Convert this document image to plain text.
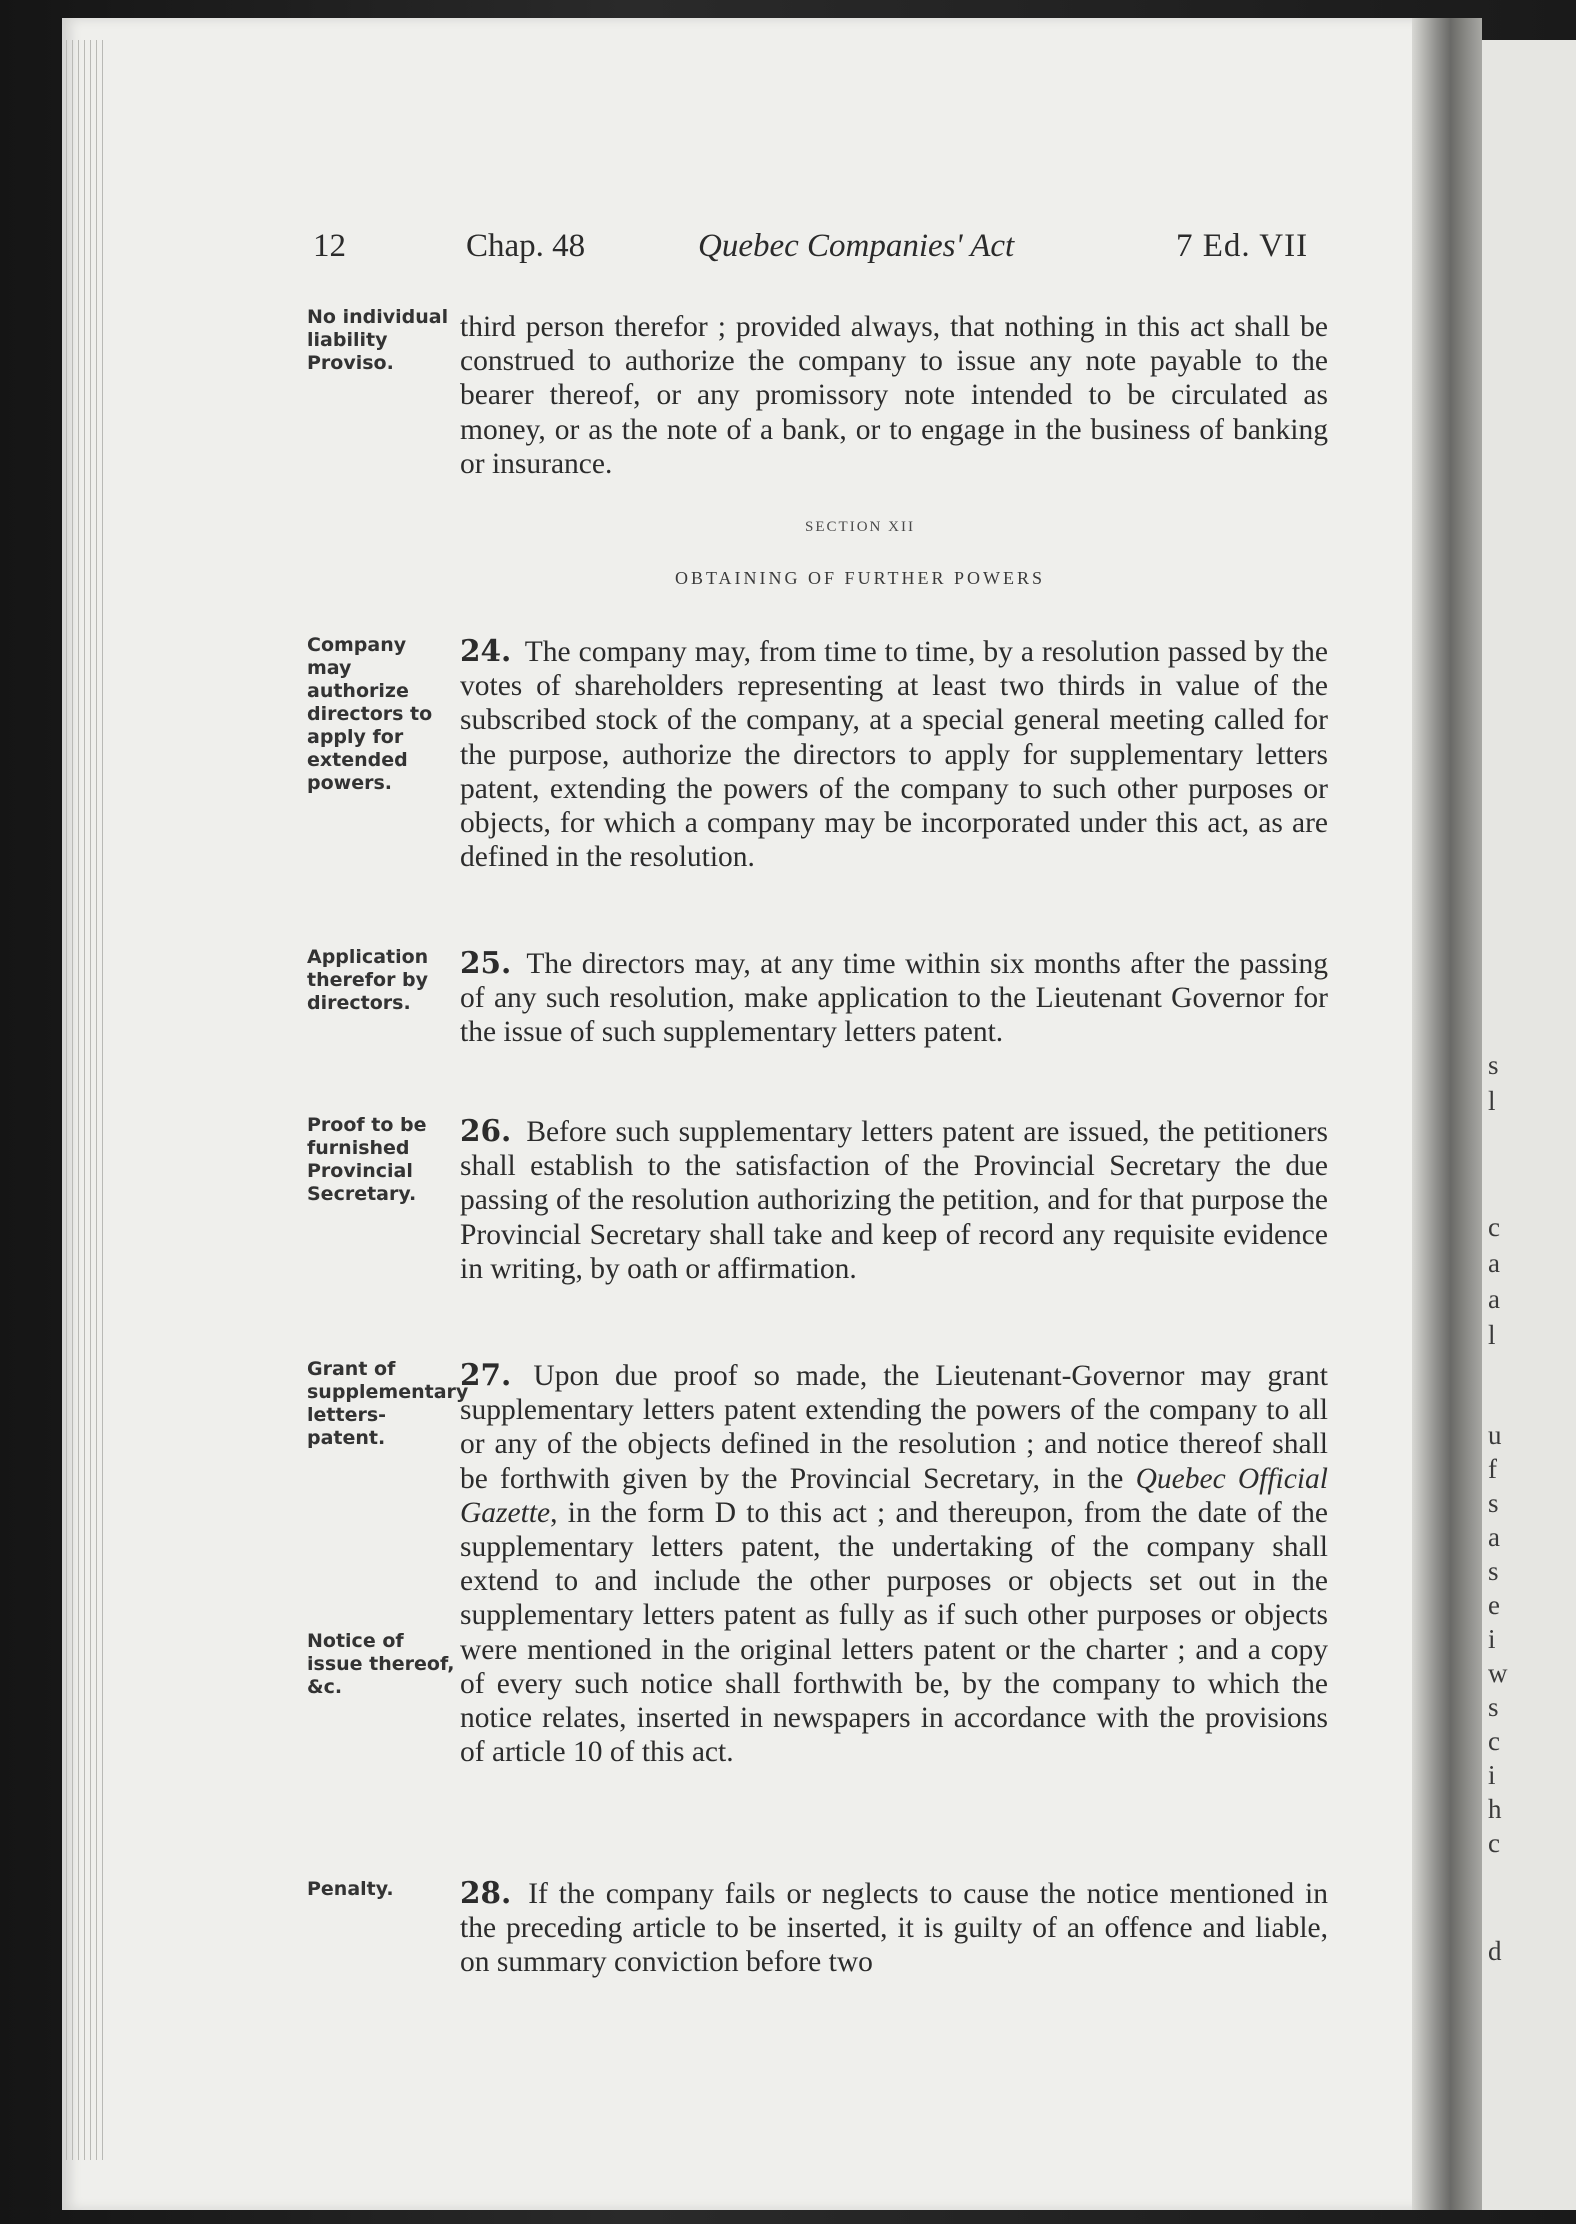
s
l
c
a
a
l
u
f
s
a
s
e
i
w
s
c
i
h
c
d
12	Chap. 48	Quebec Companies' Act	7 Ed. VII
No individual liability Proviso.
third person therefor ; provided always, that nothing in this act shall be construed to authorize the company to issue any note payable to the bearer thereof, or any promissory note intended to be circulated as money, or as the note of a bank, or to engage in the business of banking or insurance.
SECTION XII
OBTAINING OF FURTHER POWERS
Company may authorize directors to apply for extended powers.
24. The company may, from time to time, by a resolution passed by the votes of shareholders representing at least two thirds in value of the subscribed stock of the company, at a special general meeting called for the purpose, authorize the directors to apply for supplementary letters patent, extending the powers of the company to such other purposes or objects, for which a company may be incorporated under this act, as are defined in the resolution.
Application therefor by directors.
25. The directors may, at any time within six months after the passing of any such resolution, make application to the Lieutenant Governor for the issue of such supplementary letters patent.
Proof to be furnished Provincial Secretary.
26. Before such supplementary letters patent are issued, the petitioners shall establish to the satisfaction of the Provincial Secretary the due passing of the resolution authorizing the petition, and for that purpose the Provincial Secretary shall take and keep of record any requisite evidence in writing, by oath or affirmation.
Grant of supplementary letters-patent.
Notice of issue thereof, &c.
27. Upon due proof so made, the Lieutenant-Governor may grant supplementary letters patent extending the powers of the company to all or any of the objects defined in the resolution ; and notice thereof shall be forthwith given by the Provincial Secretary, in the Quebec Official Gazette, in the form D to this act ; and thereupon, from the date of the supplementary letters patent, the undertaking of the company shall extend to and include the other purposes or objects set out in the supplementary letters patent as fully as if such other purposes or objects were mentioned in the original letters patent or the charter ; and a copy of every such notice shall forthwith be, by the company to which the notice relates, inserted in newspapers in accordance with the provisions of article 10 of this act.
Penalty.	28. If the company fails or neglects to cause the notice mentioned in the preceding article to be inserted, it is guilty of an offence and liable, on summary conviction before two
